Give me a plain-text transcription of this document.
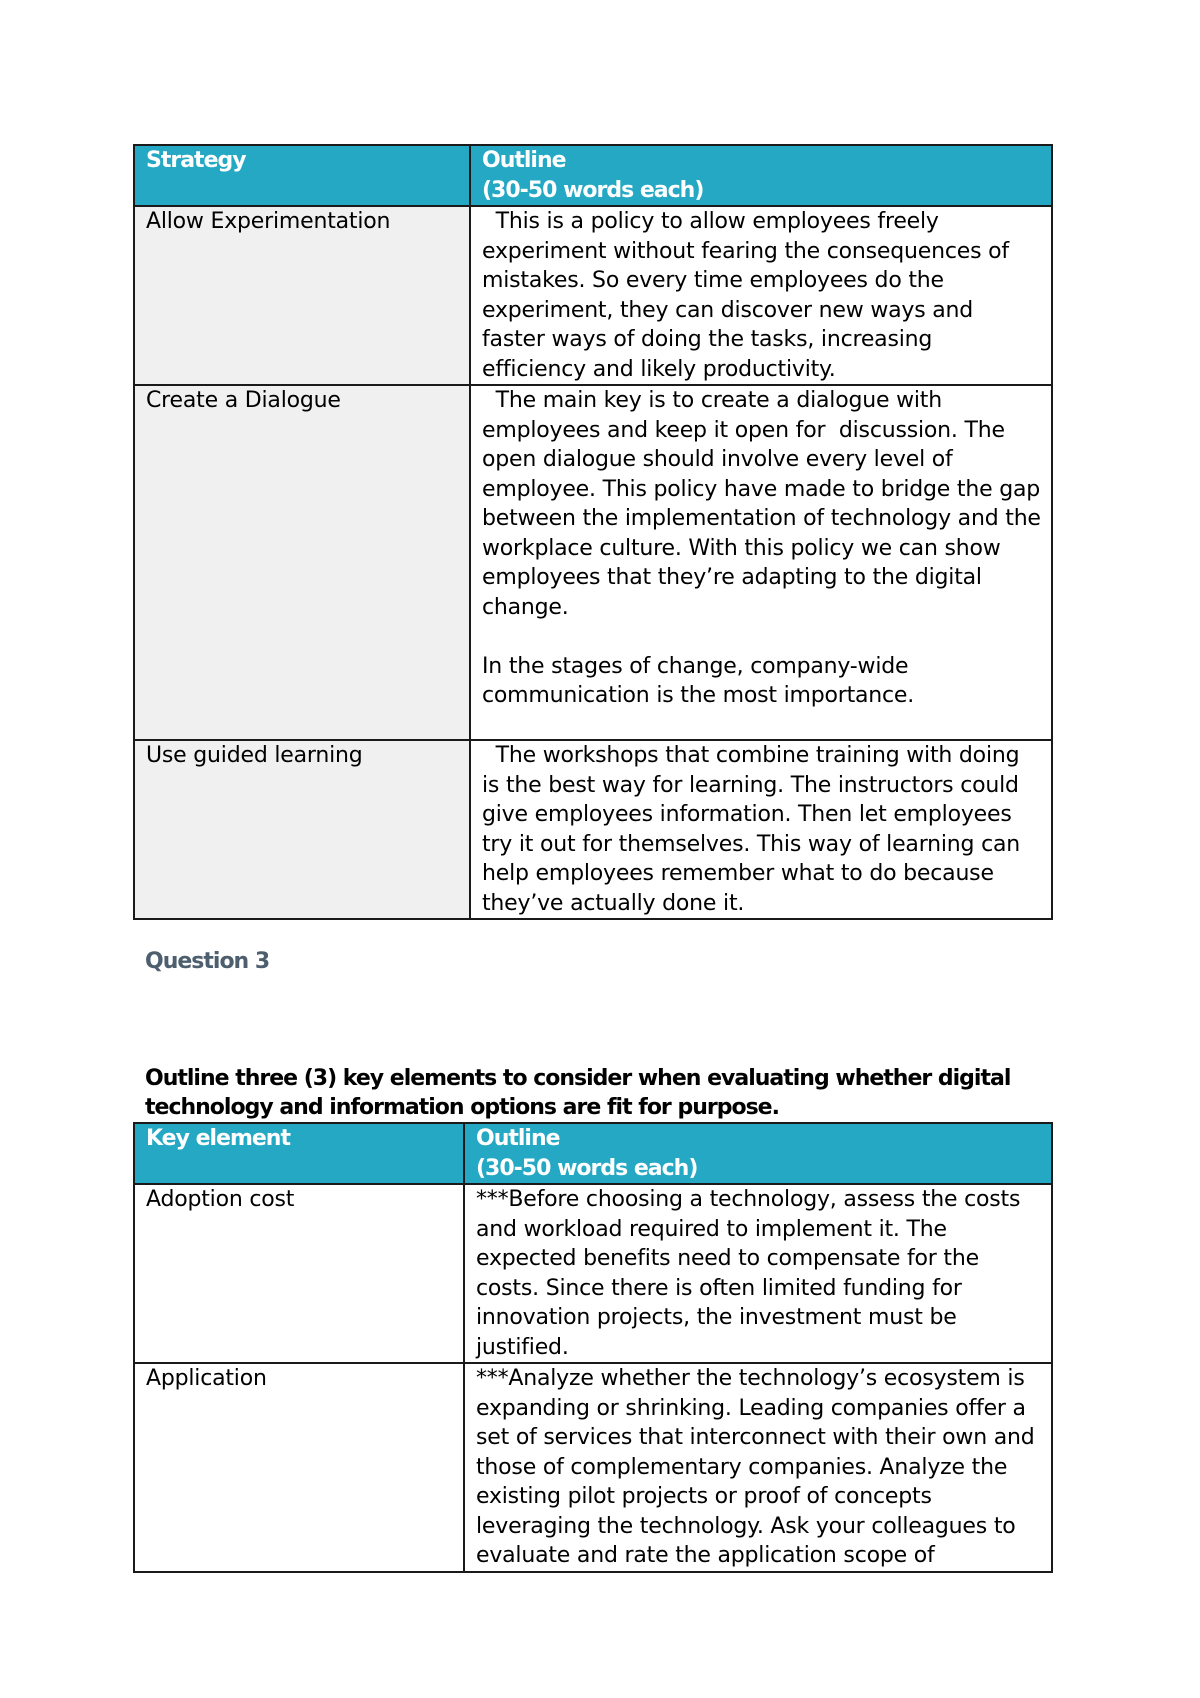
Strategy	Outline
(30-50 words each)

Allow Experimentation	This is a policy to allow employees freely experiment without fearing the consequences of mistakes. So every time employees do the experiment, they can discover new ways and faster ways of doing the tasks, increasing efficiency and likely productivity.

Create a Dialogue	The main key is to create a dialogue with employees and keep it open for  discussion. The open dialogue should involve every level of employee. This policy have made to bridge the gap between the implementation of technology and the workplace culture. With this policy we can show employees that they’re adapting to the digital change.

In the stages of change, company-wide communication is the most importance.

Use guided learning	The workshops that combine training with doing is the best way for learning. The instructors could give employees information. Then let employees try it out for themselves. This way of learning can help employees remember what to do because they’ve actually done it.

Question 3

Outline three (3) key elements to consider when evaluating whether digital technology and information options are fit for purpose.

Key element	Outline
(30-50 words each)

Adoption cost	***Before choosing a technology, assess the costs and workload required to implement it. The expected benefits need to compensate for the costs. Since there is often limited funding for innovation projects, the investment must be justified.
Application	***Analyze whether the technology’s ecosystem is expanding or shrinking. Leading companies offer a set of services that interconnect with their own and those of complementary companies. Analyze the existing pilot projects or proof of concepts leveraging the technology. Ask your colleagues to evaluate and rate the application scope of
